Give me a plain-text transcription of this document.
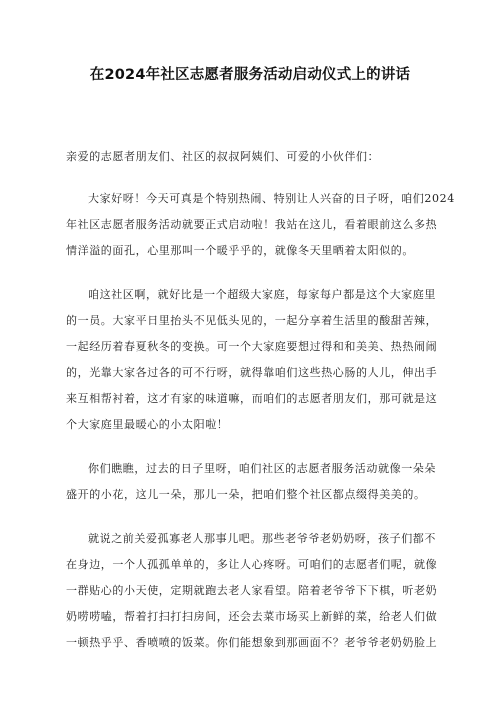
在2024年社区志愿者服务活动启动仪式上的讲话

亲爱的志愿者朋友们、社区的叔叔阿姨们、可爱的小伙伴们：

大家好呀！今天可真是个特别热闹、特别让人兴奋的日子呀，咱们2024
年社区志愿者服务活动就要正式启动啦！我站在这儿，看着眼前这么多热
情洋溢的面孔，心里那叫一个暖乎乎的，就像冬天里晒着太阳似的。

咱这社区啊，就好比是一个超级大家庭，每家每户都是这个大家庭里
的一员。大家平日里抬头不见低头见的，一起分享着生活里的酸甜苦辣，
一起经历着春夏秋冬的变换。可一个大家庭要想过得和和美美、热热闹闹
的，光靠大家各过各的可不行呀，就得靠咱们这些热心肠的人儿，伸出手
来互相帮衬着，这才有家的味道嘛，而咱们的志愿者朋友们，那可就是这
个大家庭里最暖心的小太阳啦！

你们瞧瞧，过去的日子里呀，咱们社区的志愿者服务活动就像一朵朵
盛开的小花，这儿一朵，那儿一朵，把咱们整个社区都点缀得美美的。

就说之前关爱孤寡老人那事儿吧。那些老爷爷老奶奶呀，孩子们都不
在身边，一个人孤孤单单的，多让人心疼呀。可咱们的志愿者们呢，就像
一群贴心的小天使，定期就跑去老人家看望。陪着老爷爷下下棋，听老奶
奶唠唠嗑，帮着打扫打扫房间，还会去菜市场买上新鲜的菜，给老人们做
一顿热乎乎、香喷喷的饭菜。你们能想象到那画面不？老爷爷老奶奶脸上
